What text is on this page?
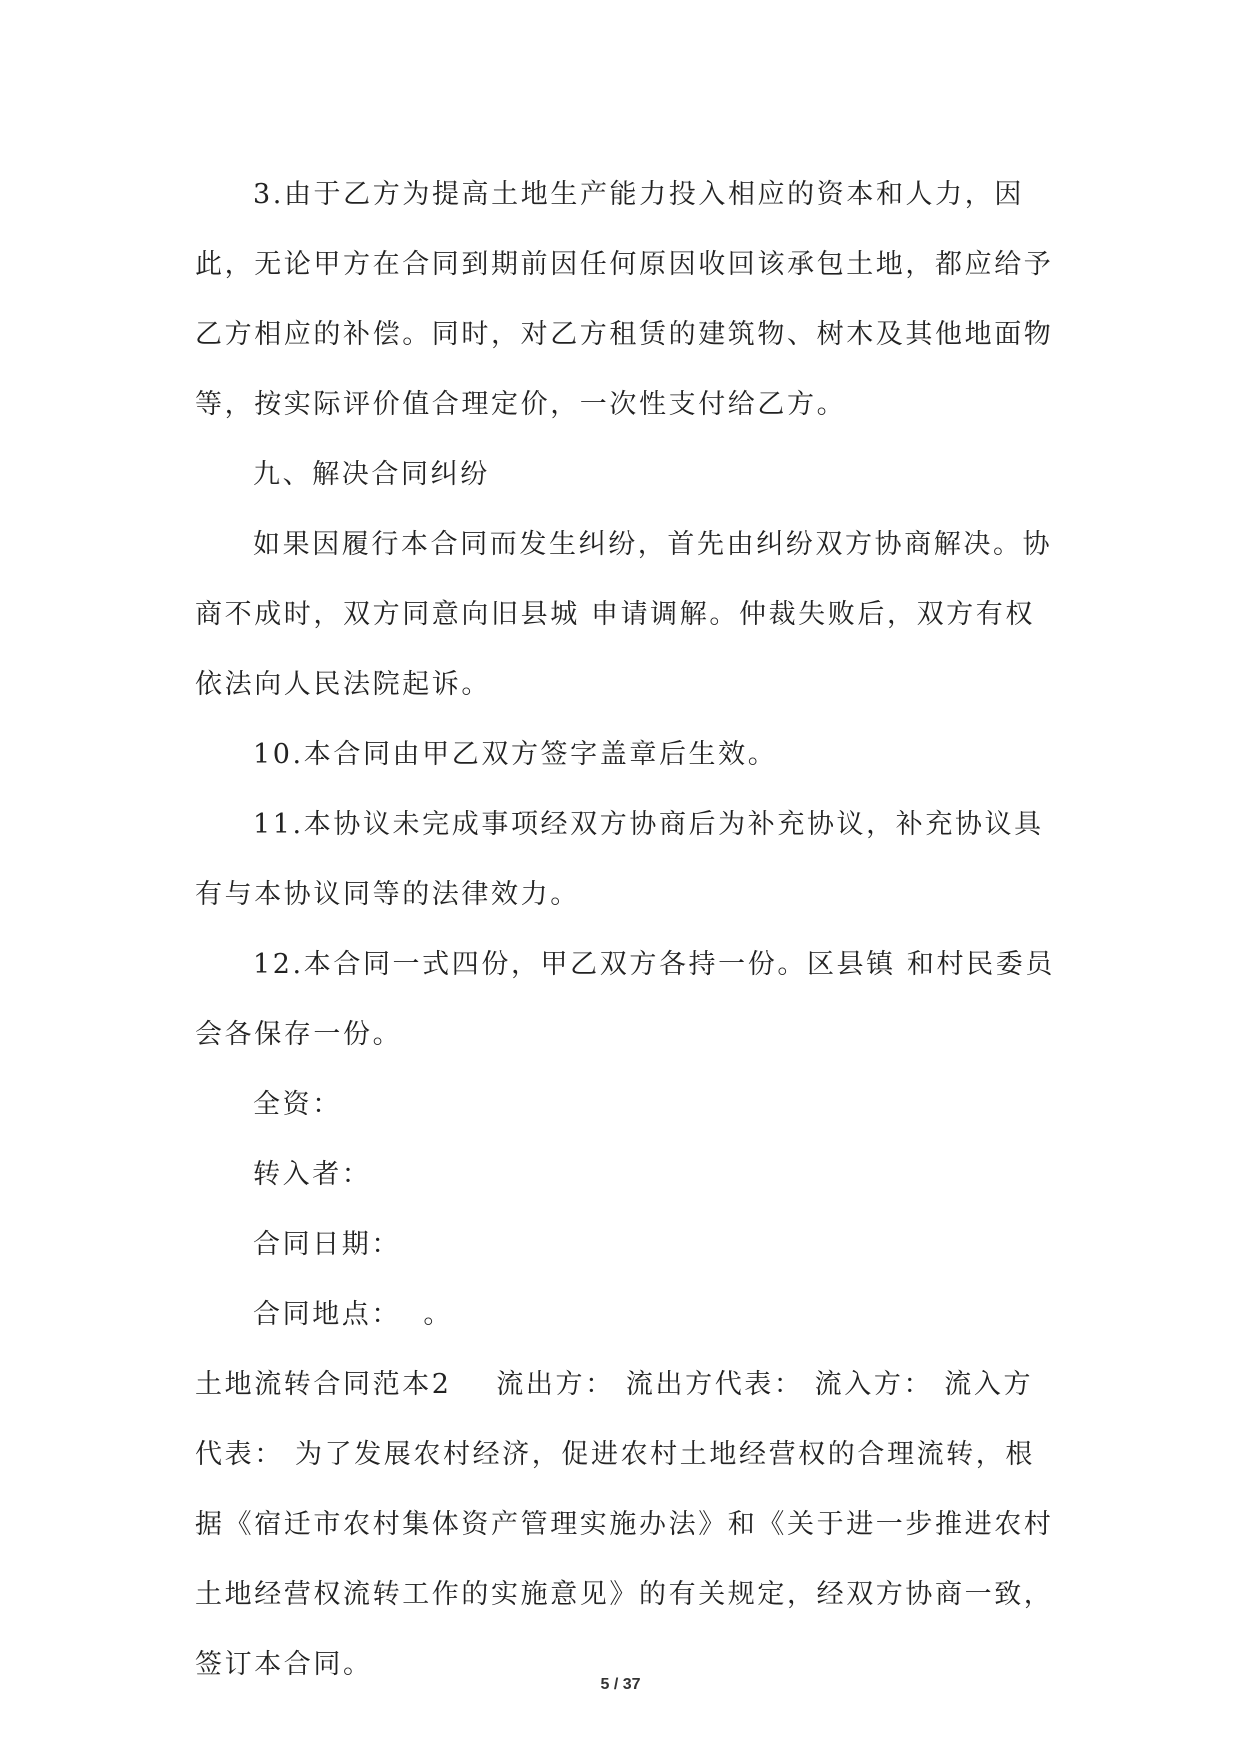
3.由于乙方为提高土地生产能力投入相应的资本和人力，因此，无论甲方在合同到期前因任何原因收回该承包土地，都应给予乙方相应的补偿。同时，对乙方租赁的建筑物、树木及其他地面物等，按实际评价值合理定价，一次性支付给乙方。

九、解决合同纠纷

如果因履行本合同而发生纠纷，首先由纠纷双方协商解决。协商不成时，双方同意向旧县城 申请调解。仲裁失败后，双方有权依法向人民法院起诉。

10.本合同由甲乙双方签字盖章后生效。

11.本协议未完成事项经双方协商后为补充协议，补充协议具有与本协议同等的法律效力。

12.本合同一式四份，甲乙双方各持一份。区县镇 和村民委员会各保存一份。

全资：

转入者：

合同日期：

合同地点：  。

土地流转合同范本2    流出方： 流出方代表： 流入方： 流入方代表： 为了发展农村经济，促进农村土地经营权的合理流转，根据《宿迁市农村集体资产管理实施办法》和《关于进一步推进农村土地经营权流转工作的实施意见》的有关规定，经双方协商一致，签订本合同。

5 / 37
